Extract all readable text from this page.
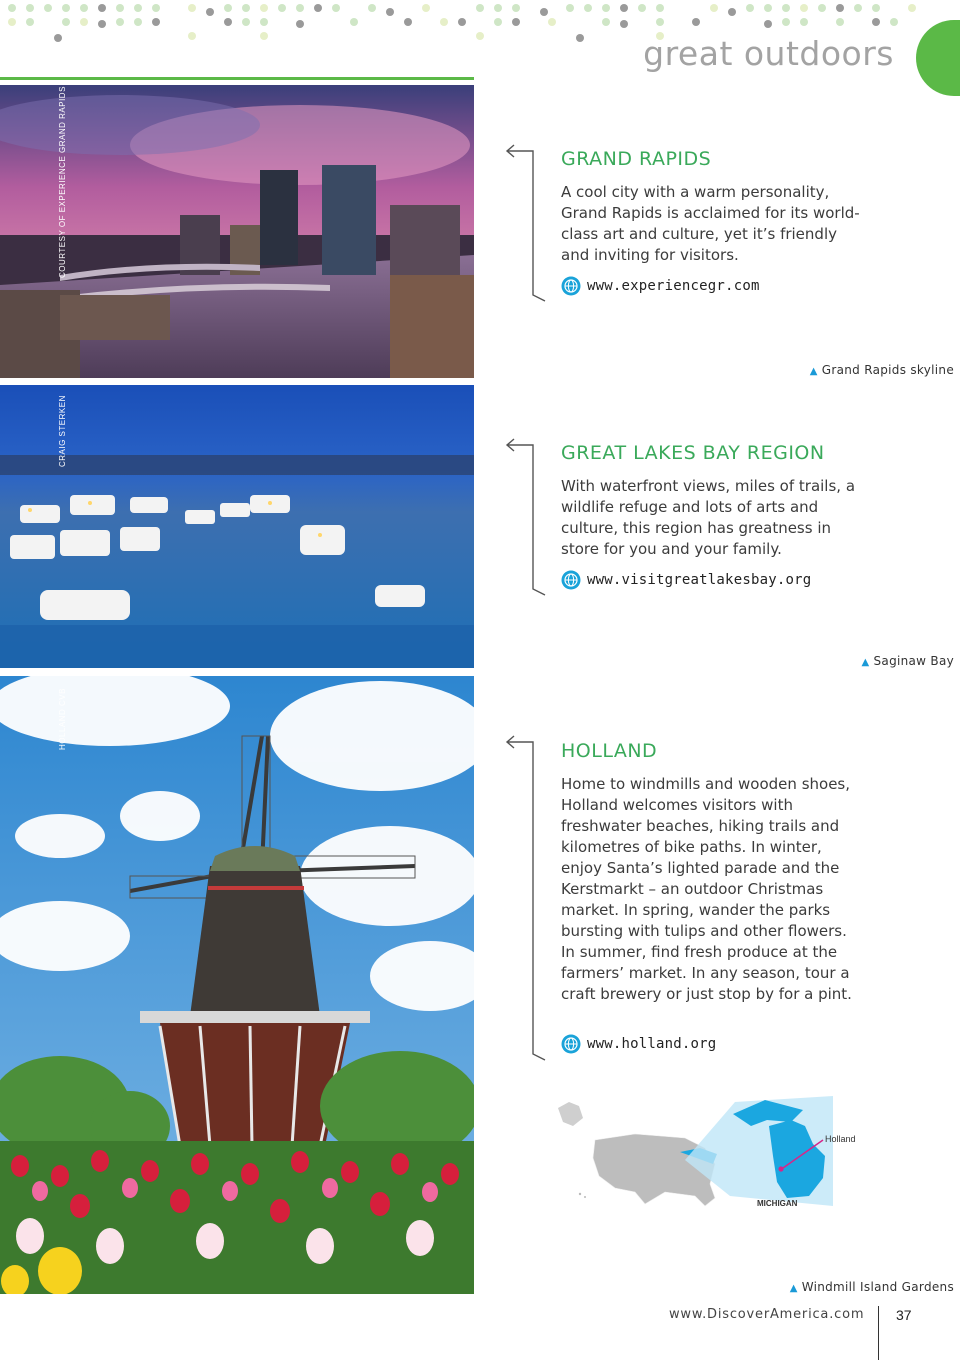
great outdoors
COURTESY OF EXPERIENCE GRAND RAPIDS
▲ Grand Rapids skyline
CRAIG STERKEN
▲ Saginaw Bay
HOLLAND CVB
▲ Windmill Island Gardens
GRAND RAPIDS

A cool city with a warm personality, Grand Rapids is acclaimed for its world-class art and culture, yet it’s friendly and inviting for visitors.

www.experiencegr.com
GREAT LAKES BAY REGION

With waterfront views, miles of trails, a wildlife refuge and lots of arts and culture, this region has greatness in store for you and your family.

www.visitgreatlakesbay.org
HOLLAND

Home to windmills and wooden shoes, Holland welcomes visitors with freshwater beaches, hiking trails and kilometres of bike paths. In winter, enjoy Santa’s lighted parade and the Kerstmarkt – an outdoor Christmas market. In spring, wander the parks bursting with tulips and other flowers. In summer, find fresh produce at the farmers’ market. In any season, tour a craft brewery or just stop by for a pint.

www.holland.org
Holland
MICHIGAN
www.DiscoverAmerica.com 37
